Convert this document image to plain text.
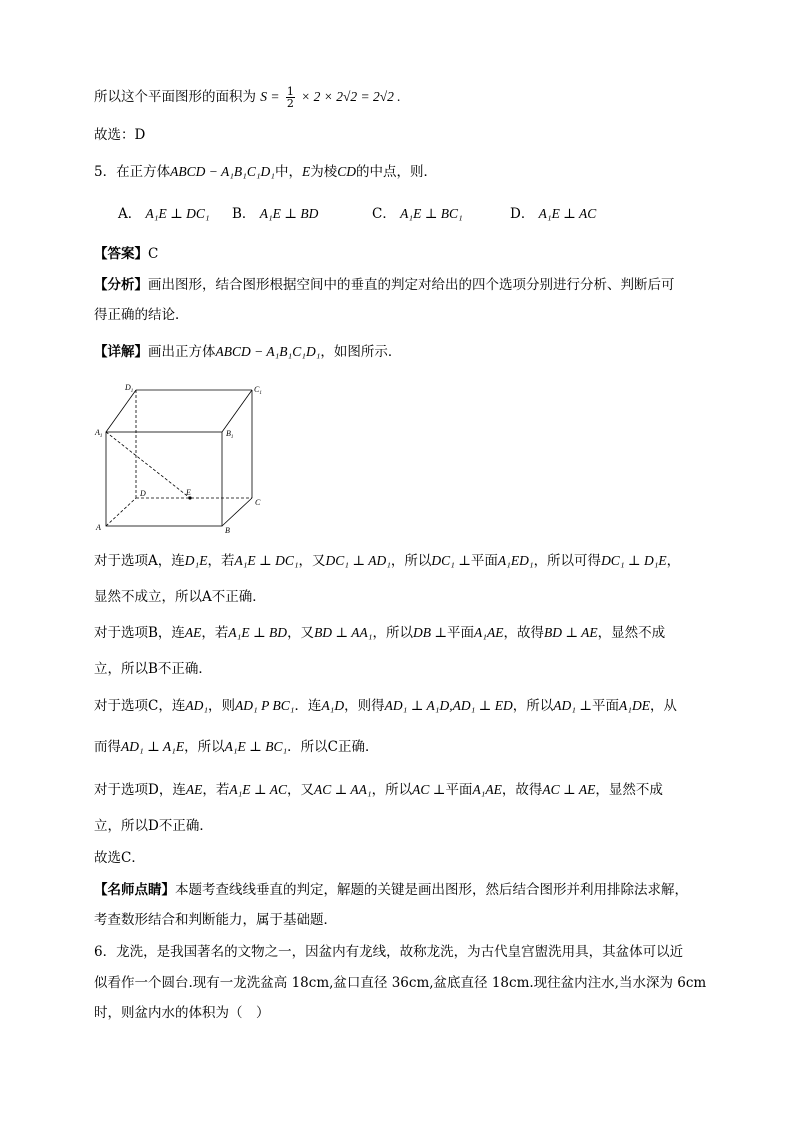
所以这个平面图形的面积为 $S = \frac{1}{2} \times 2 \times 2√2 = 2√2$ .
故选：D
5．在正方体ABCD − A₁B₁C₁D₁中，E为棱CD的中点，则．
A． A₁E ⊥ DC₁ B． A₁E ⊥ BD	C． A₁E ⊥ BC₁	D． A₁E ⊥ AC
【答案】C
【分析】画出图形，结合图形根据空间中的垂直的判定对给出的四个选项分别进行分析、判断后可
得正确的结论．
【详解】画出正方体ABCD − A₁B₁C₁D₁，如图所示．
$D_1$	$C_1$
$A_1$	$B_1$
D	E
C
A	B
对于选项A，连D₁E，若A₁E ⊥ DC₁，又DC₁ ⊥ AD₁，所以DC₁ ⊥平面A₁ED₁，所以可得DC₁ ⊥ D₁E，
显然不成立，所以A不正确．
对于选项B，连AE，若A₁E ⊥ BD，又BD ⊥ AA₁，所以DB ⊥平面A₁AE，故得BD ⊥ AE，显然不成
立，所以B不正确．
对于选项C，连AD₁，则AD₁ P BC₁．连A₁D，则得AD₁ ⊥ A₁D,AD₁ ⊥ ED，所以AD₁ ⊥平面A₁DE，从
而得AD₁ ⊥ A₁E，所以A₁E ⊥ BC₁．所以C正确．
对于选项D，连AE，若A₁E ⊥ AC，又AC ⊥ AA₁，所以AC ⊥平面A₁AE，故得AC ⊥ AE，显然不成
立，所以D不正确．
故选C．
【名师点睛】本题考查线线垂直的判定，解题的关键是画出图形，然后结合图形并利用排除法求解，
考查数形结合和判断能力，属于基础题．
6．龙洗，是我国著名的文物之一，因盆内有龙线，故称龙洗，为古代皇宫盥洗用具，其盆体可以近
似看作一个圆台.现有一龙洗盆高 18cm,盆口直径 36cm,盆底直径 18cm.现往盆内注水,当水深为 6cm
时，则盆内水的体积为（　）
